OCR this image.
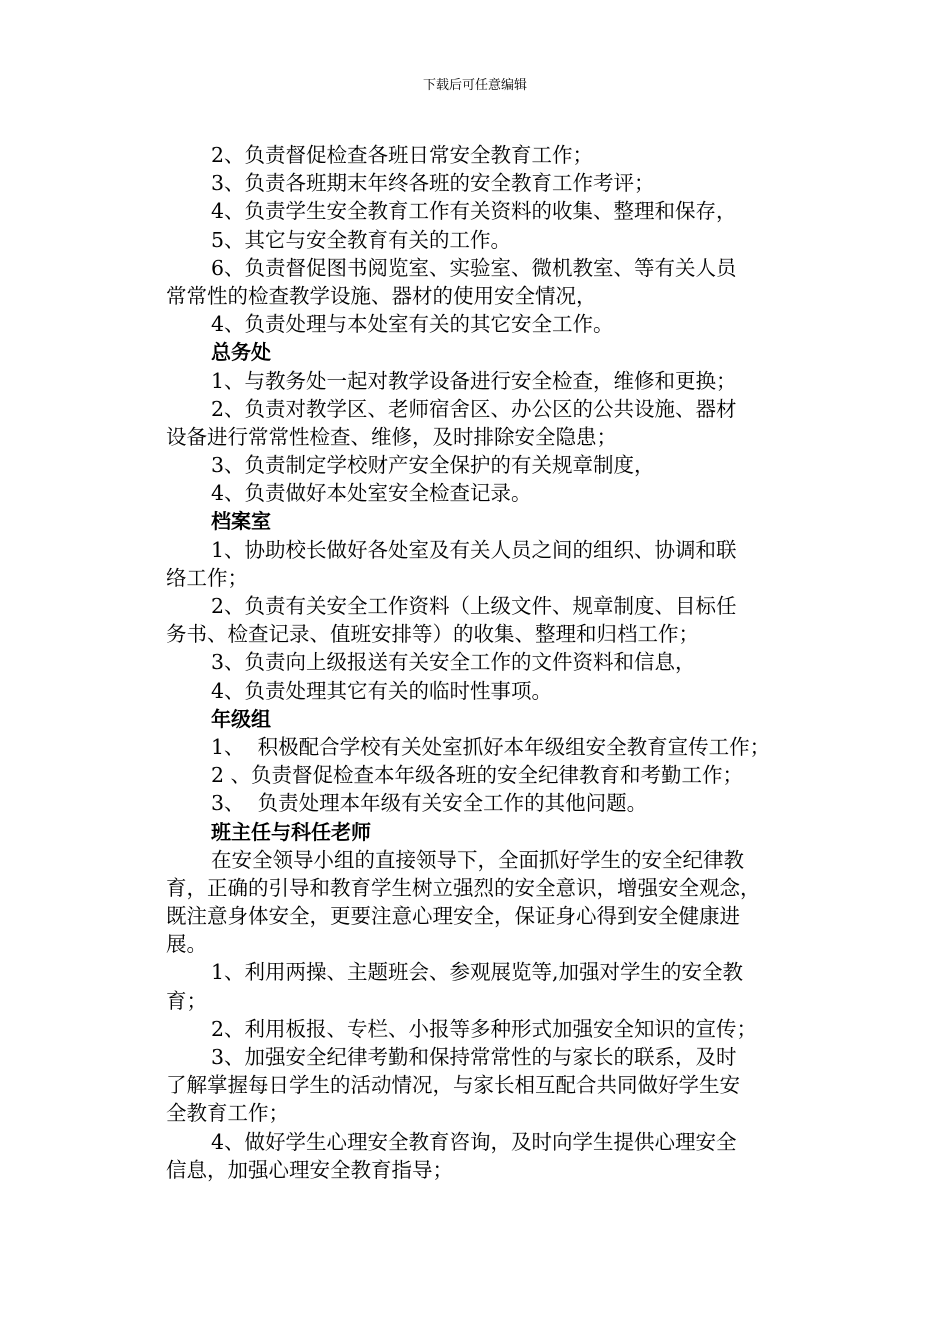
下载后可任意编辑
2、负责督促检查各班日常安全教育工作；
3、负责各班期末年终各班的安全教育工作考评；
4、负责学生安全教育工作有关资料的收集、整理和保存，
5、其它与安全教育有关的工作。
6、负责督促图书阅览室、实验室、微机教室、等有关人员
常常性的检查教学设施、器材的使用安全情况，
4、负责处理与本处室有关的其它安全工作。
总务处
1、与教务处一起对教学设备进行安全检查，维修和更换；
2、负责对教学区、老师宿舍区、办公区的公共设施、器材
设备进行常常性检查、维修，及时排除安全隐患；
3、负责制定学校财产安全保护的有关规章制度，
4、负责做好本处室安全检查记录。
档案室
1、协助校长做好各处室及有关人员之间的组织、协调和联
络工作；
2、负责有关安全工作资料（上级文件、规章制度、目标任
务书、检查记录、值班安排等）的收集、整理和归档工作；
3、负责向上级报送有关安全工作的文件资料和信息，
4、负责处理其它有关的临时性事项。
年级组
1、  积极配合学校有关处室抓好本年级组安全教育宣传工作；
2 、负责督促检查本年级各班的安全纪律教育和考勤工作；
3、  负责处理本年级有关安全工作的其他问题。
班主任与科任老师
在安全领导小组的直接领导下，全面抓好学生的安全纪律教
育，正确的引导和教育学生树立强烈的安全意识，增强安全观念，
既注意身体安全，更要注意心理安全，保证身心得到安全健康进
展。
1、利用两操、主题班会、参观展览等,加强对学生的安全教
育；
2、利用板报、专栏、小报等多种形式加强安全知识的宣传；
3、加强安全纪律考勤和保持常常性的与家长的联系，及时
了解掌握每日学生的活动情况，与家长相互配合共同做好学生安
全教育工作；
4、做好学生心理安全教育咨询，及时向学生提供心理安全
信息，加强心理安全教育指导；
